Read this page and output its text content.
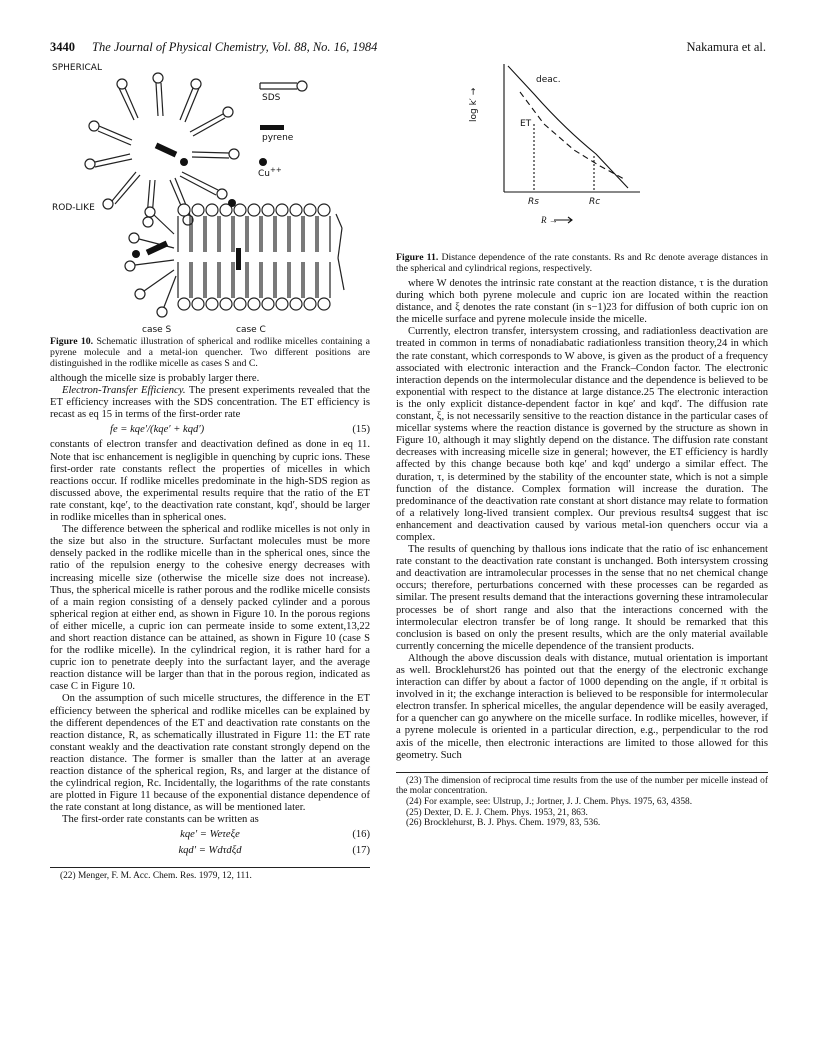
3440 The Journal of Physical Chemistry, Vol. 88, No. 16, 1984	Nakamura et al.
SPHERICAL
SDS
pyrene
Cu++
ROD-LIKE
case S	case C
Figure 10. Schematic illustration of spherical and rodlike micelles containing a pyrene molecule and a metal-ion quencher. Two different positions are distinguished in the rodlike micelle as cases S and C.

although the micelle size is probably larger there.

Electron-Transfer Efficiency. The present experiments revealed that the ET efficiency increases with the SDS concentration. The ET efficiency is recast as eq 15 in terms of the first-order rate

fe = kqe′/(kqe′ + kqd′)	(15)

constants of electron transfer and deactivation defined as done in eq 11. Note that isc enhancement is negligible in quenching by cupric ions. These first-order rate constants reflect the properties of micelles in which reactions occur. If rodlike micelles predominate in the high-SDS region as discussed above, the experimental results require that the ratio of the ET rate constant, kqe′, to the deactivation rate constant, kqd′, should be larger in rodlike micelles than in spherical ones.

The difference between the spherical and rodlike micelles is not only in the size but also in the structure. Surfactant molecules must be more densely packed in the rodlike micelle than in the spherical ones, since the ratio of the repulsion energy to the cohesive energy decreases with increasing micelle size (otherwise the micelle size does not increase). Thus, the spherical micelle is rather porous and the rodlike micelle consists of a main region consisting of a densely packed cylinder and a porous spherical region at either end, as shown in Figure 10. In the porous regions of either micelle, a cupric ion can permeate inside to some extent,13,22 and short reaction distance can be attained, as shown in Figure 10 (case S for the rodlike micelle). In the cylindrical region, it is rather hard for a cupric ion to penetrate deeply into the surfactant layer, and the average reaction distance will be larger than that in the porous region, indicated as case C in Figure 10.

On the assumption of such micelle structures, the difference in the ET efficiency between the spherical and rodlike micelles can be explained by the different dependences of the ET and deactivation rate constants on the reaction distance, R, as schematically illustrated in Figure 11: the ET rate constant weakly and the deactivation rate constant strongly depend on the reaction distance. The former is smaller than the latter at an average reaction distance of the spherical region, Rs, and larger at the distance of the cylindrical region, Rc. Incidentally, the logarithms of the rate constants are plotted in Figure 11 because of the exponential distance dependence of the rate constant at long distance, as will be mentioned later.

The first-order rate constants can be written as

kqe′ = Weτeξe	(16)
kqd′ = Wdτdξd	(17)

(22) Menger, F. M. Acc. Chem. Res. 1979, 12, 111.

deac.
ET
log k′ →
Rs	Rc
R →
Figure 11. Distance dependence of the rate constants. Rs and Rc denote average distances in the spherical and cylindrical regions, respectively.

where W denotes the intrinsic rate constant at the reaction distance, τ is the duration during which both pyrene molecule and cupric ion are located within the reaction distance, and ξ denotes the rate constant (in s−1)23 for diffusion of both cupric ion on the micelle surface and pyrene molecule inside the micelle.

Currently, electron transfer, intersystem crossing, and radiationless deactivation are treated in common in terms of nonadiabatic radiationless transition theory,24 in which the rate constant, which corresponds to W above, is given as the product of a frequency associated with electronic interaction and the Franck–Condon factor. The electronic interaction depends on the intermolecular distance and the dependence is believed to be exponential with respect to the distance at large distance.25 The electronic interaction is the only explicit distance-dependent factor in kqe′ and kqd′. The diffusion rate constant, ξ, is not necessarily sensitive to the reaction distance in the particular cases of micellar systems where the reaction distance is governed by the structure as shown in Figure 10, although it may slightly depend on the distance. The diffusion rate constant decreases with increasing micelle size in general; however, the ET efficiency is hardly affected by this change because both kqe′ and kqd′ undergo a similar effect. The duration, τ, is determined by the stability of the encounter state, which is not a simple function of the distance. Complex formation will increase the duration. The predominance of the deactivation rate constant at short distance may relate to formation of a relatively long-lived transient complex. Our previous results4 suggest that isc enhancement and deactivation caused by various metal-ion quenchers occur via a complex.

The results of quenching by thallous ions indicate that the ratio of isc enhancement rate constant to the deactivation rate constant is unchanged. Both intersystem crossing and deactivation are intramolecular processes in the sense that no net chemical change occurs; therefore, perturbations concerned with these processes can be regarded as similar. The present results demand that the interactions governing these intramolecular processes be of short range and also that the interactions concerned with the intermolecular electron transfer be of long range. It should be remarked that this conclusion is based on only the present results, which are the only material available currently concerning the micelle dependence of the transient products.

Although the above discussion deals with distance, mutual orientation is important as well. Brocklehurst26 has pointed out that the energy of the electronic exchange interaction can differ by about a factor of 1000 depending on the angle, if π orbital is involved in it; the exchange interaction is believed to be responsible for intermolecular electron transfer. In spherical micelles, the angular dependence will be easily averaged, for a quencher can go anywhere on the micelle surface. In rodlike micelles, however, if a pyrene molecule is oriented in a particular direction, e.g., perpendicular to the rod axis of the micelle, then electronic interactions are limited to those allowed for this geometry. Such

(23) The dimension of reciprocal time results from the use of the number per micelle instead of the molar concentration.

(24) For example, see: Ulstrup, J.; Jortner, J. J. Chem. Phys. 1975, 63, 4358.

(25) Dexter, D. E. J. Chem. Phys. 1953, 21, 863.

(26) Brocklehurst, B. J. Phys. Chem. 1979, 83, 536.
